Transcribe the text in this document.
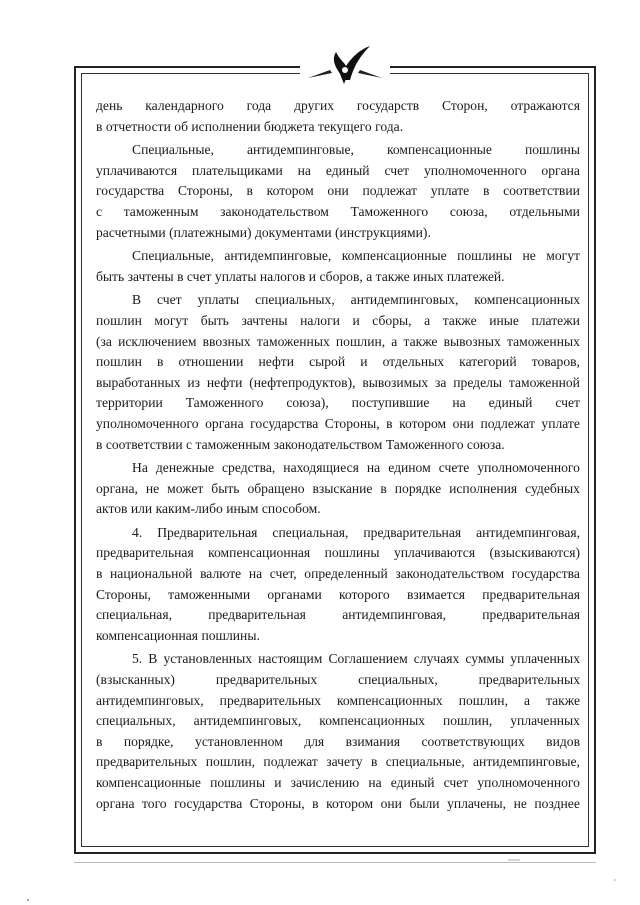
день календарного года других государств Сторон, отражаются
в отчетности об исполнении бюджета текущего года.
Специальные, антидемпинговые, компенсационные пошлины
уплачиваются плательщиками на единый счет уполномоченного органа
государства Стороны, в котором они подлежат уплате в соответствии
с таможенным законодательством Таможенного союза, отдельными
расчетными (платежными) документами (инструкциями).
Специальные, антидемпинговые, компенсационные пошлины не могут
быть зачтены в счет уплаты налогов и сборов, а также иных платежей.
В счет уплаты специальных, антидемпинговых, компенсационных
пошлин могут быть зачтены налоги и сборы, а также иные платежи
(за исключением ввозных таможенных пошлин, а также вывозных таможенных
пошлин в отношении нефти сырой и отдельных категорий товаров,
выработанных из нефти (нефтепродуктов), вывозимых за пределы таможенной
территории Таможенного союза), поступившие на единый счет
уполномоченного органа государства Стороны, в котором они подлежат уплате
в соответствии с таможенным законодательством Таможенного союза.
На денежные средства, находящиеся на едином счете уполномоченного
органа, не может быть обращено взыскание в порядке исполнения судебных
актов или каким-либо иным способом.
4. Предварительная специальная, предварительная антидемпинговая,
предварительная компенсационная пошлины уплачиваются (взыскиваются)
в национальной валюте на счет, определенный законодательством государства
Стороны, таможенными органами которого взимается предварительная
специальная,	предварительная	антидемпинговая,	предварительная
компенсационная пошлины.
5. В установленных настоящим Соглашением случаях суммы уплаченных
(взысканных)	предварительных	специальных,	предварительных
антидемпинговых, предварительных компенсационных пошлин, а также
специальных, антидемпинговых, компенсационных пошлин, уплаченных
в порядке, установленном для взимания соответствующих видов
предварительных пошлин, подлежат зачету в специальные, антидемпинговые,
компенсационные пошлины и зачислению на единый счет уполномоченного
органа того государства Стороны, в котором они были уплачены, не позднее
